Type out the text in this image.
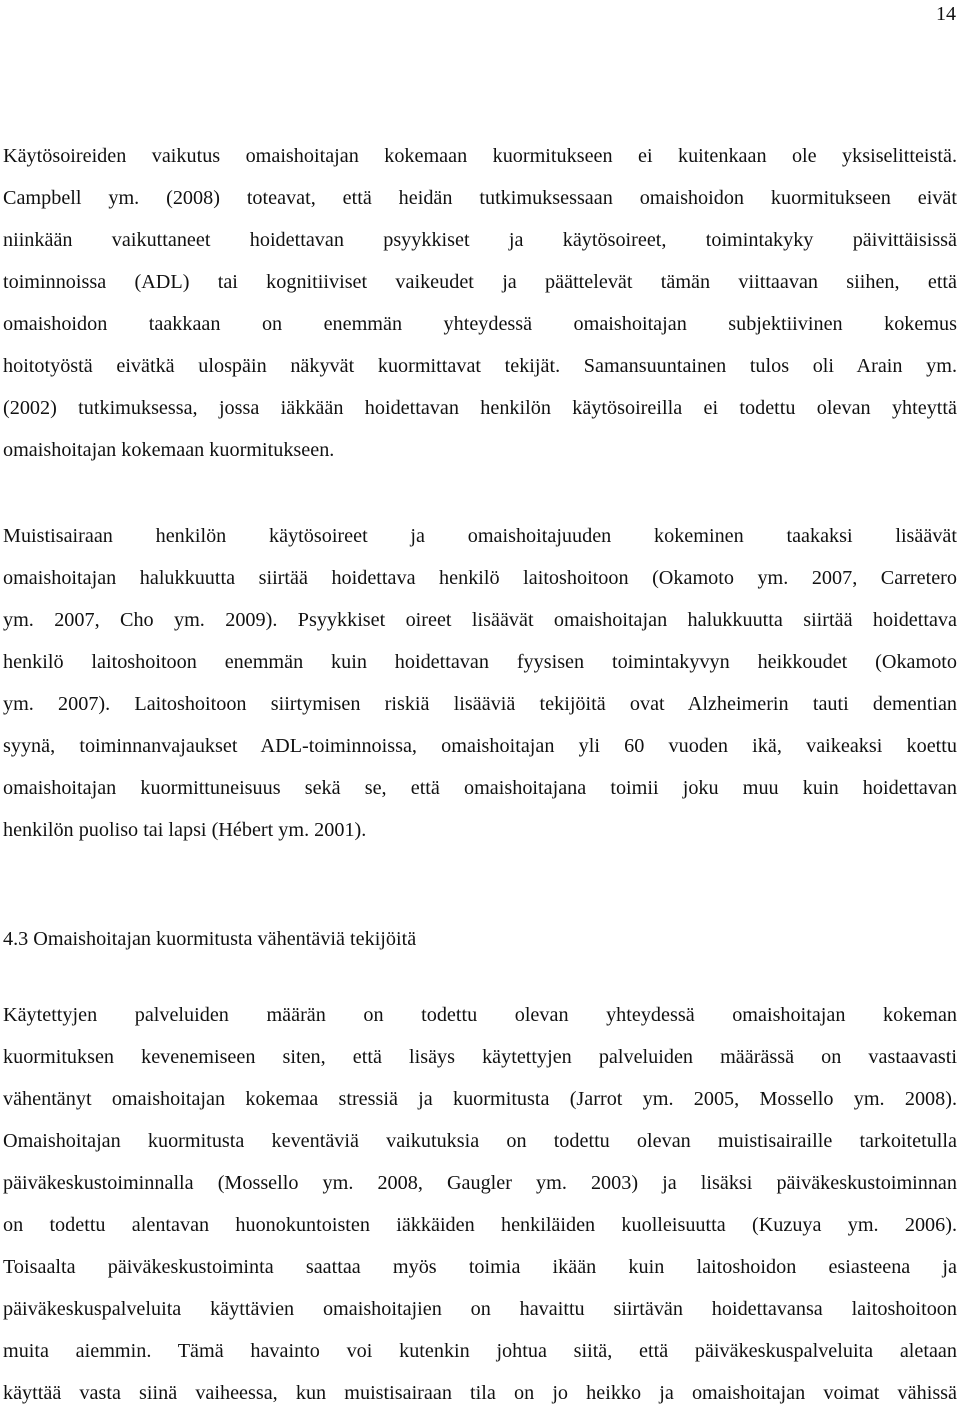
14
Käytösoireiden vaikutus omaishoitajan kokemaan kuormitukseen ei kuitenkaan ole yksiselitteistä.
Campbell ym. (2008) toteavat, että heidän tutkimuksessaan omaishoidon kuormitukseen eivät
niinkään vaikuttaneet hoidettavan psyykkiset ja käytösoireet, toimintakyky päivittäisissä
toiminnoissa (ADL) tai kognitiiviset vaikeudet ja päättelevät tämän viittaavan siihen, että
omaishoidon taakkaan on enemmän yhteydessä omaishoitajan subjektiivinen kokemus
hoitotyöstä eivätkä ulospäin näkyvät kuormittavat tekijät. Samansuuntainen tulos oli Arain ym.
(2002) tutkimuksessa, jossa iäkkään hoidettavan henkilön käytösoireilla ei todettu olevan yhteyttä
omaishoitajan kokemaan kuormitukseen.
Muistisairaan henkilön käytösoireet ja omaishoitajuuden kokeminen taakaksi lisäävät
omaishoitajan halukkuutta siirtää hoidettava henkilö laitoshoitoon (Okamoto ym. 2007, Carretero
ym. 2007, Cho ym. 2009). Psyykkiset oireet lisäävät omaishoitajan halukkuutta siirtää hoidettava
henkilö laitoshoitoon enemmän kuin hoidettavan fyysisen toimintakyvyn heikkoudet (Okamoto
ym. 2007). Laitoshoitoon siirtymisen riskiä lisääviä tekijöitä ovat Alzheimerin tauti dementian
syynä, toiminnanvajaukset ADL-toiminnoissa, omaishoitajan yli 60 vuoden ikä, vaikeaksi koettu
omaishoitajan kuormittuneisuus sekä se, että omaishoitajana toimii joku muu kuin hoidettavan
henkilön puoliso tai lapsi (Hébert ym. 2001).
4.3 Omaishoitajan kuormitusta vähentäviä tekijöitä
Käytettyjen palveluiden määrän on todettu olevan yhteydessä omaishoitajan kokeman
kuormituksen kevenemiseen siten, että lisäys käytettyjen palveluiden määrässä on vastaavasti
vähentänyt omaishoitajan kokemaa stressiä ja kuormitusta (Jarrot ym. 2005, Mossello ym. 2008).
Omaishoitajan kuormitusta keventäviä vaikutuksia on todettu olevan muistisairaille tarkoitetulla
päiväkeskustoiminnalla (Mossello ym. 2008, Gaugler ym. 2003) ja lisäksi päiväkeskustoiminnan
on todettu alentavan huonokuntoisten iäkkäiden henkiläiden kuolleisuutta (Kuzuya ym. 2006).
Toisaalta päiväkeskustoiminta saattaa myös toimia ikään kuin laitoshoidon esiasteena ja
päiväkeskuspalveluita käyttävien omaishoitajien on havaittu siirtävän hoidettavansa laitoshoitoon
muita aiemmin. Tämä havainto voi kutenkin johtua siitä, että päiväkeskuspalveluita aletaan
käyttää vasta siinä vaiheessa, kun muistisairaan tila on jo heikko ja omaishoitajan voimat vähissä
